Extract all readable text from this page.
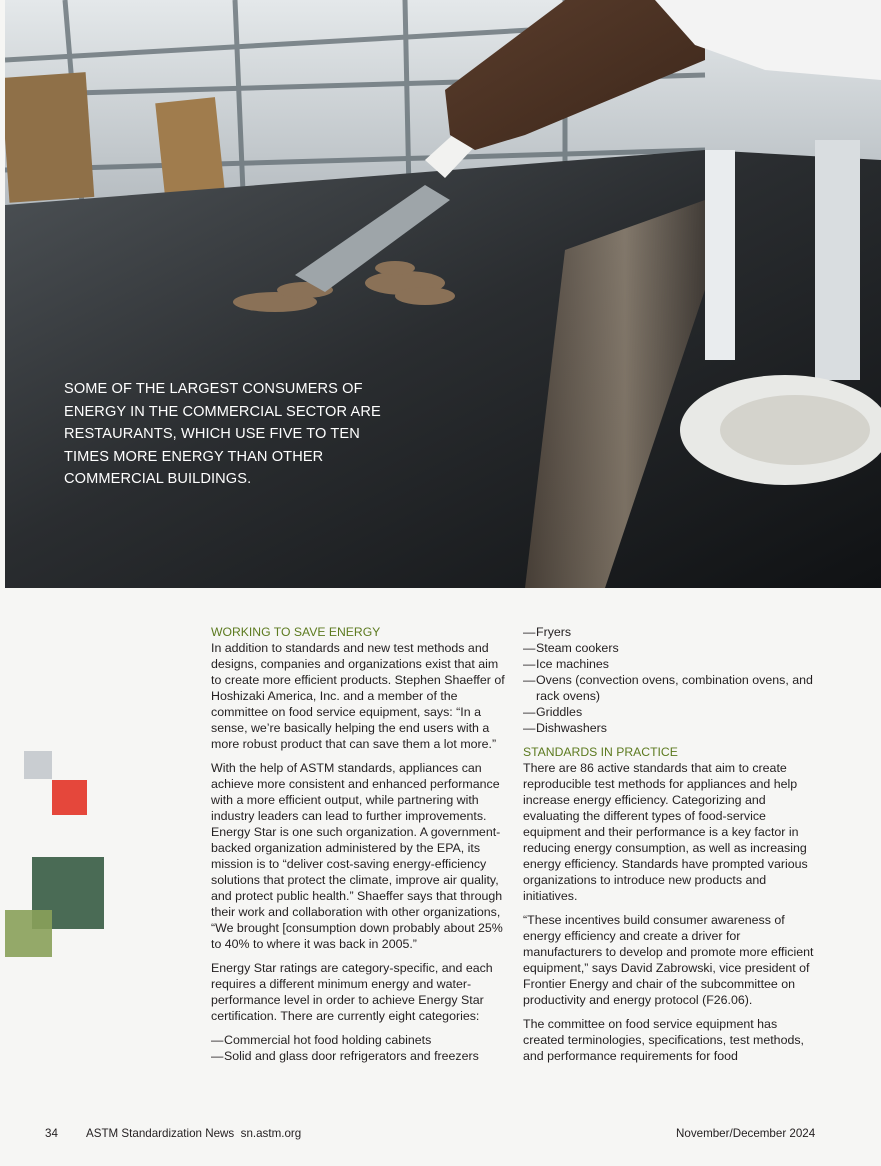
SOME OF THE LARGEST CONSUMERS OF ENERGY IN THE COMMERCIAL SECTOR ARE RESTAURANTS, WHICH USE FIVE TO TEN TIMES MORE ENERGY THAN OTHER COMMERCIAL BUILDINGS.

WORKING TO SAVE ENERGY

In addition to standards and new test methods and designs, companies and organizations exist that aim to create more efficient products. Stephen Shaeffer of Hoshizaki America, Inc. and a member of the committee on food service equipment, says: “In a sense, we’re basically helping the end users with a more robust product that can save them a lot more.”

With the help of ASTM standards, appliances can achieve more consistent and enhanced performance with a more efficient output, while partnering with industry leaders can lead to further improvements. Energy Star is one such organization. A government-backed organization administered by the EPA, its mission is to “deliver cost-saving energy-efficiency solutions that protect the climate, improve air quality, and protect public health.” Shaeffer says that through their work and collaboration with other organizations, “We brought [consumption down probably about 25% to 40% to where it was back in 2005.”

Energy Star ratings are category-specific, and each requires a different minimum energy and water-performance level in order to achieve Energy Star certification. There are currently eight categories:

— Commercial hot food holding cabinets
— Solid and glass door refrigerators and freezers
— Fryers
— Steam cookers
— Ice machines
— Ovens (convection ovens, combination ovens, and rack ovens)
— Griddles
— Dishwashers
STANDARDS IN PRACTICE

There are 86 active standards that aim to create reproducible test methods for appliances and help increase energy efficiency. Categorizing and evaluating the different types of food-service equipment and their performance is a key factor in reducing energy consumption, as well as increasing energy efficiency. Standards have prompted various organizations to introduce new products and initiatives.

“These incentives build consumer awareness of energy efficiency and create a driver for manufacturers to develop and promote more efficient equipment,” says David Zabrowski, vice president of Frontier Energy and chair of the subcommittee on productivity and energy protocol (F26.06).

The committee on food service equipment has created terminologies, specifications, test methods, and performance requirements for food

34 ASTM Standardization News  sn.astm.org	November/December 2024
